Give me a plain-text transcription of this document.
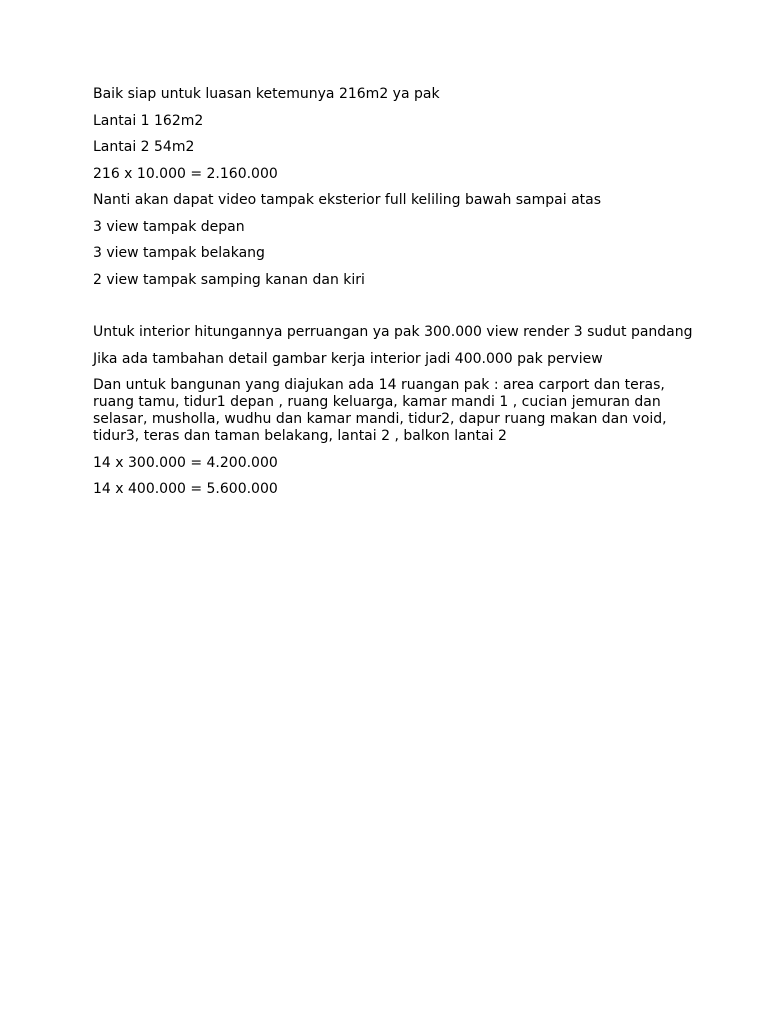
Baik siap untuk luasan ketemunya 216m2 ya pak

Lantai 1 162m2

Lantai 2 54m2

216 x 10.000 = 2.160.000

Nanti akan dapat video tampak eksterior full keliling bawah sampai atas

3 view tampak depan

3 view tampak belakang

2 view tampak samping kanan dan kiri

Untuk interior hitungannya perruangan ya pak 300.000 view render 3 sudut pandang

Jika ada tambahan detail gambar kerja interior jadi 400.000 pak perview

Dan untuk bangunan yang diajukan ada 14 ruangan pak : area carport dan teras, ruang tamu, tidur1 depan , ruang keluarga, kamar mandi 1 , cucian jemuran dan selasar, musholla, wudhu dan kamar mandi, tidur2, dapur ruang makan dan void, tidur3, teras dan taman belakang, lantai 2 , balkon lantai 2

14 x 300.000 = 4.200.000

14 x 400.000 = 5.600.000
